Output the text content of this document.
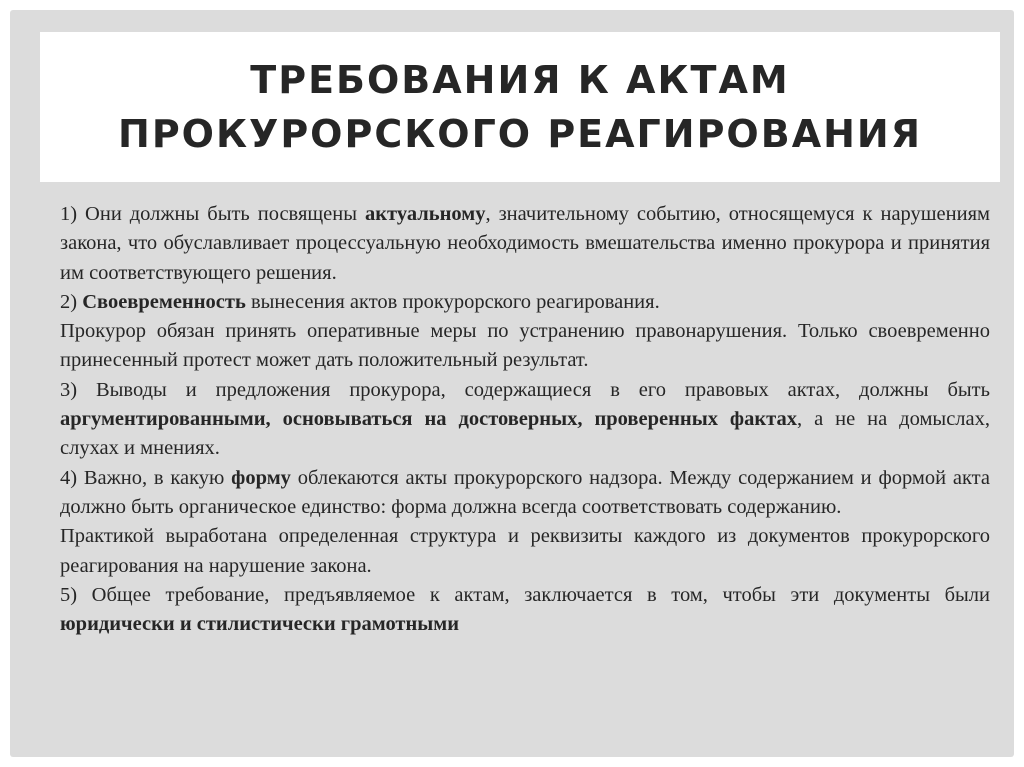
ТРЕБОВАНИЯ К АКТАМ
ПРОКУРОРСКОГО РЕАГИРОВАНИЯ

1) Они должны быть посвящены актуальному, значительному событию, относящемуся к нарушениям закона, что обуславливает процессуальную необходимость вмешательства именно прокурора и принятия им соответствующего решения.

2) Своевременность вынесения актов прокурорского реагирования.

Прокурор обязан принять оперативные меры по устранению правонарушения. Только своевременно принесенный протест может дать положительный результат.

3) Выводы и предложения прокурора, содержащиеся в его правовых актах, должны быть аргументированными, основываться на достоверных, проверенных фактах, а не на домыслах, слухах и мнениях.

4) Важно, в какую форму облекаются акты прокурорского надзора. Между содержанием и формой акта должно быть органическое единство: форма должна всегда соответствовать содержанию.

Практикой выработана определенная структура и реквизиты каждого из документов прокурорского реагирования на нарушение закона.

5) Общее требование, предъявляемое к актам, заключается в том, чтобы эти документы были юридически и стилистически грамотными
